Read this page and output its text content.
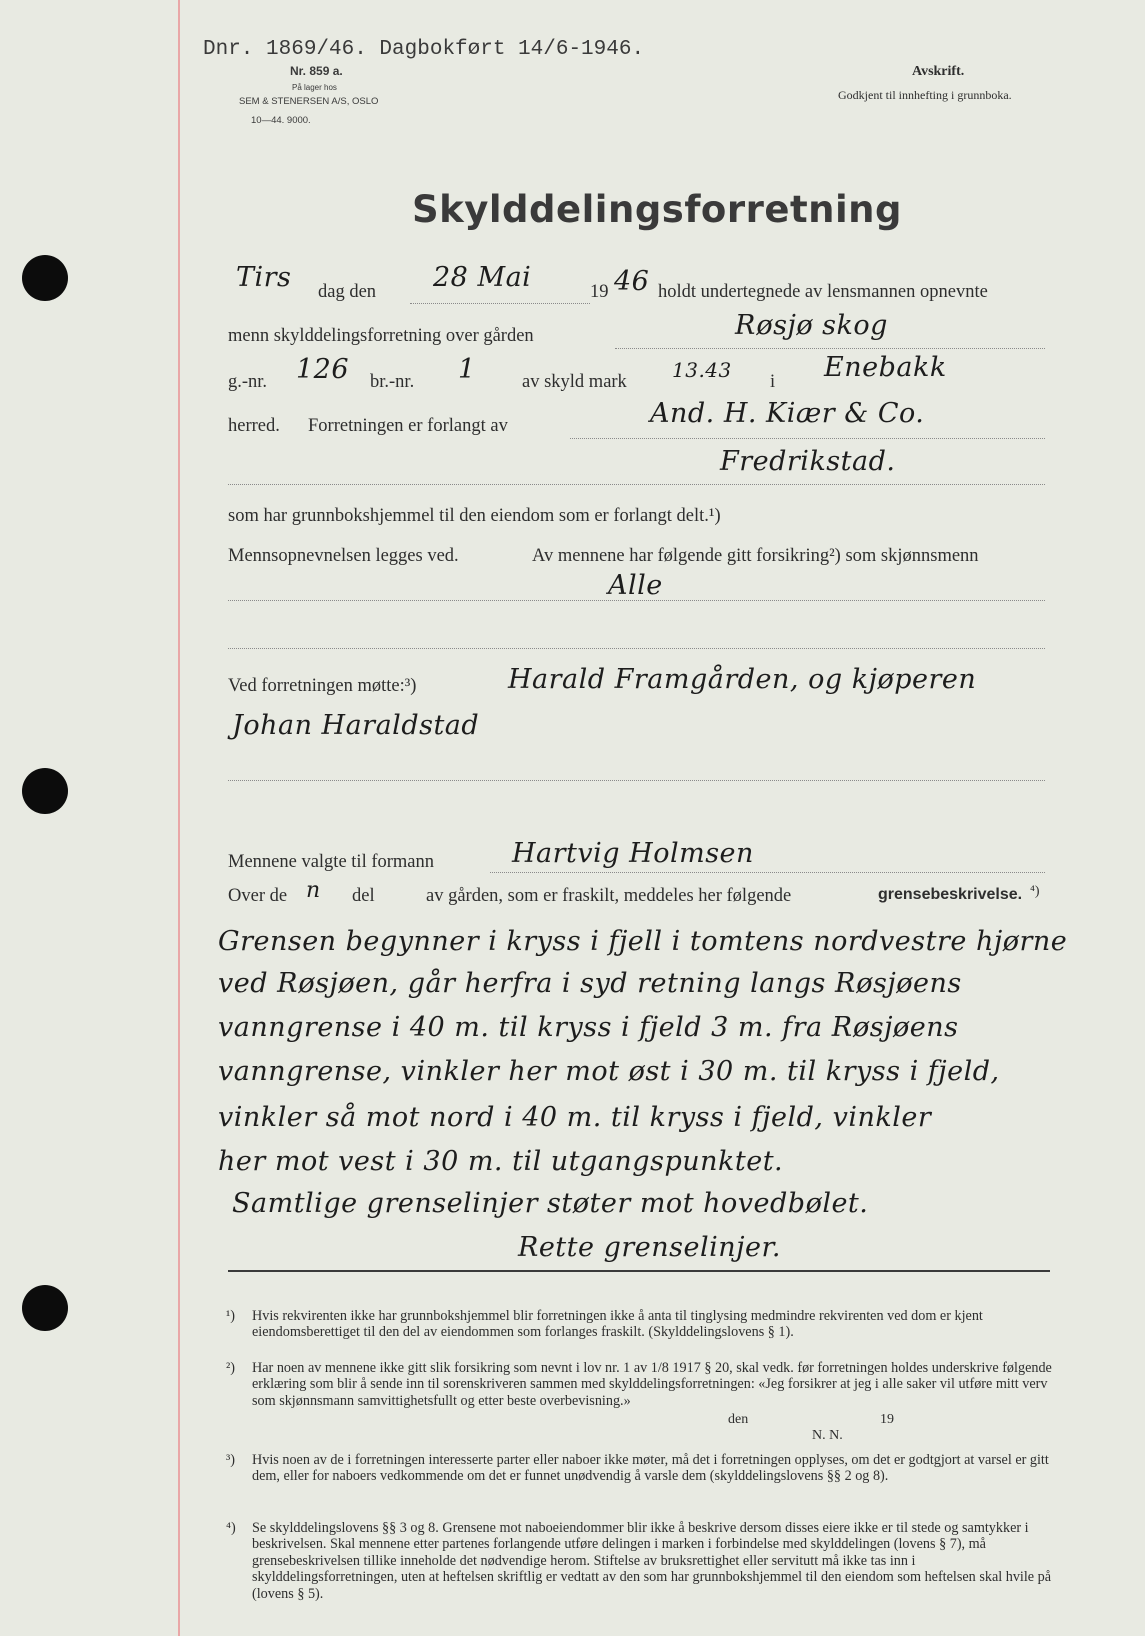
Dnr. 1869/46. Dagbokført 14/6-1946.
Nr. 859 a.
På lager hos
SEM & STENERSEN A/S, OSLO
10—44. 9000.
Avskrift.
Godkjent til innhefting i grunnboka.
Skylddelingsforretning
Tirs dag den 28 Mai	19 46 holdt undertegnede av lensmannen opnevnte
menn skylddelingsforretning over gården	Røsjø skog
g.-nr. 126 br.-nr. 1	av skyld mark 13.43 i Enebakk
herred. Forretningen er forlangt av	And. H. Kiær & Co.
Fredrikstad.
som har grunnbokshjemmel til den eiendom som er forlangt delt.¹)
Mennsopnevnelsen legges ved.	Av mennene har følgende gitt forsikring²) som skjønnsmenn
Alle
Ved forretningen møtte:³)	Harald Framgården, og kjøperen
Johan Haraldstad
Mennene valgte til formann	Hartvig Holmsen
Over de n del	av gården, som er fraskilt, meddeles her følgende	grensebeskrivelse. ⁴)
Grensen begynner i kryss i fjell i tomtens nordvestre hjørne
ved Røsjøen, går herfra i syd retning langs Røsjøens
vanngrense i 40 m. til kryss i fjeld 3 m. fra Røsjøens
vanngrense, vinkler her mot øst i 30 m. til kryss i fjeld,
vinkler så mot nord i 40 m. til kryss i fjeld, vinkler
her mot vest i 30 m. til utgangspunktet.
Samtlige grenselinjer støter mot hovedbølet.
Rette grenselinjer.
¹) Hvis rekvirenten ikke har grunnbokshjemmel blir forretningen ikke å anta til tinglysing medmindre rekvirenten ved dom er kjent eiendomsberettiget til den del av eiendommen som forlanges fraskilt. (Skylddelingslovens § 1).
²) Har noen av mennene ikke gitt slik forsikring som nevnt i lov nr. 1 av 1/8 1917 § 20, skal vedk. før forretningen holdes underskrive følgende erklæring som blir å sende inn til sorenskriveren sammen med skylddelingsforretningen: «Jeg forsikrer at jeg i alle saker vil utføre mitt verv som skjønnsmann samvittighetsfullt og etter beste overbevisning.»
den	19
N. N.
³) Hvis noen av de i forretningen interesserte parter eller naboer ikke møter, må det i forretningen opplyses, om det er godtgjort at varsel er gitt dem, eller for naboers vedkommende om det er funnet unødvendig å varsle dem (skylddelingslovens §§ 2 og 8).
⁴) Se skylddelingslovens §§ 3 og 8. Grensene mot naboeiendommer blir ikke å beskrive dersom disses eiere ikke er til stede og samtykker i beskrivelsen. Skal mennene etter partenes forlangende utføre delingen i marken i forbindelse med skylddelingen (lovens § 7), må grensebeskrivelsen tillike inneholde det nødvendige herom. Stiftelse av bruksrettighet eller servitutt må ikke tas inn i skylddelingsforretningen, uten at heftelsen skriftlig er vedtatt av den som har grunnbokshjemmel til den eiendom som heftelsen skal hvile på (lovens § 5).
